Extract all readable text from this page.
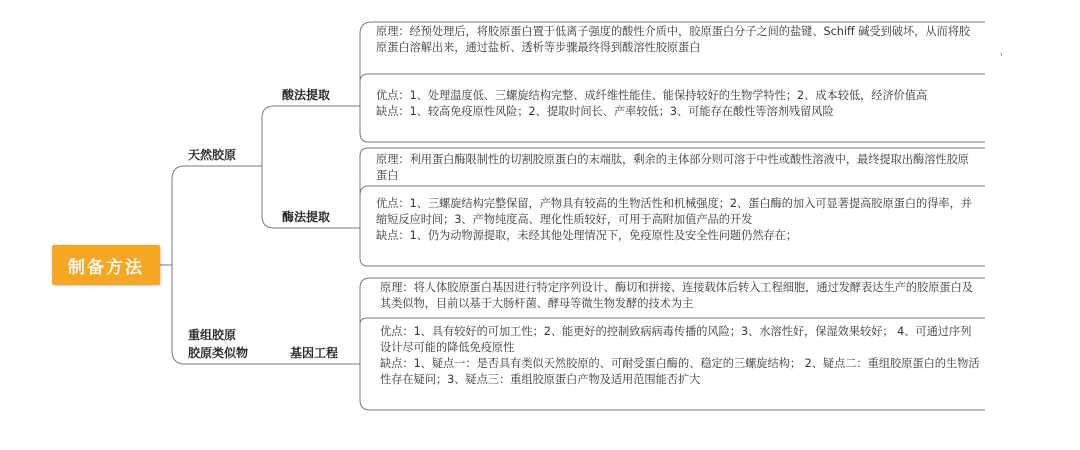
制备方法
天然胶原
重组胶原
胶原类似物
酸法提取
酶法提取
基因工程

原理：经预处理后，将胶原蛋白置于低离子强度的酸性介质中，胶原蛋白分子之间的盐键、Schiff 碱受到破坏，从而将胶原蛋白溶解出来，通过盐析、透析等步骤最终得到酸溶性胶原蛋白

优点：1、处理温度低、三螺旋结构完整、成纤维性能佳、能保持较好的生物学特性；2、成本较低，经济价值高

缺点：1、较高免疫原性风险；2、提取时间长、产率较低；3、可能存在酸性等溶剂残留风险

原理：利用蛋白酶限制性的切割胶原蛋白的末端肽，剩余的主体部分则可溶于中性或酸性溶液中，最终提取出酶溶性胶原蛋白

优点：1、三螺旋结构完整保留，产物具有较高的生物活性和机械强度；2、蛋白酶的加入可显著提高胶原蛋白的得率，并缩短反应时间；3、产物纯度高、理化性质较好，可用于高附加值产品的开发

缺点：1、仍为动物源提取，未经其他处理情况下，免疫原性及安全性问题仍然存在；

原理：将人体胶原蛋白基因进行特定序列设计、酶切和拼接、连接载体后转入工程细胞，通过发酵表达生产的胶原蛋白及其类似物，目前以基于大肠杆菌、酵母等微生物发酵的技术为主

优点：1、具有较好的可加工性；2、能更好的控制致病病毒传播的风险；3、水溶性好，保湿效果较好； 4、可通过序列设计尽可能的降低免疫原性

缺点：1、疑点一：是否具有类似天然胶原的、可耐受蛋白酶的、稳定的三螺旋结构； 2、疑点二：重组胶原蛋白的生物活性存在疑问；3、疑点三：重组胶原蛋白产物及适用范围能否扩大

'
